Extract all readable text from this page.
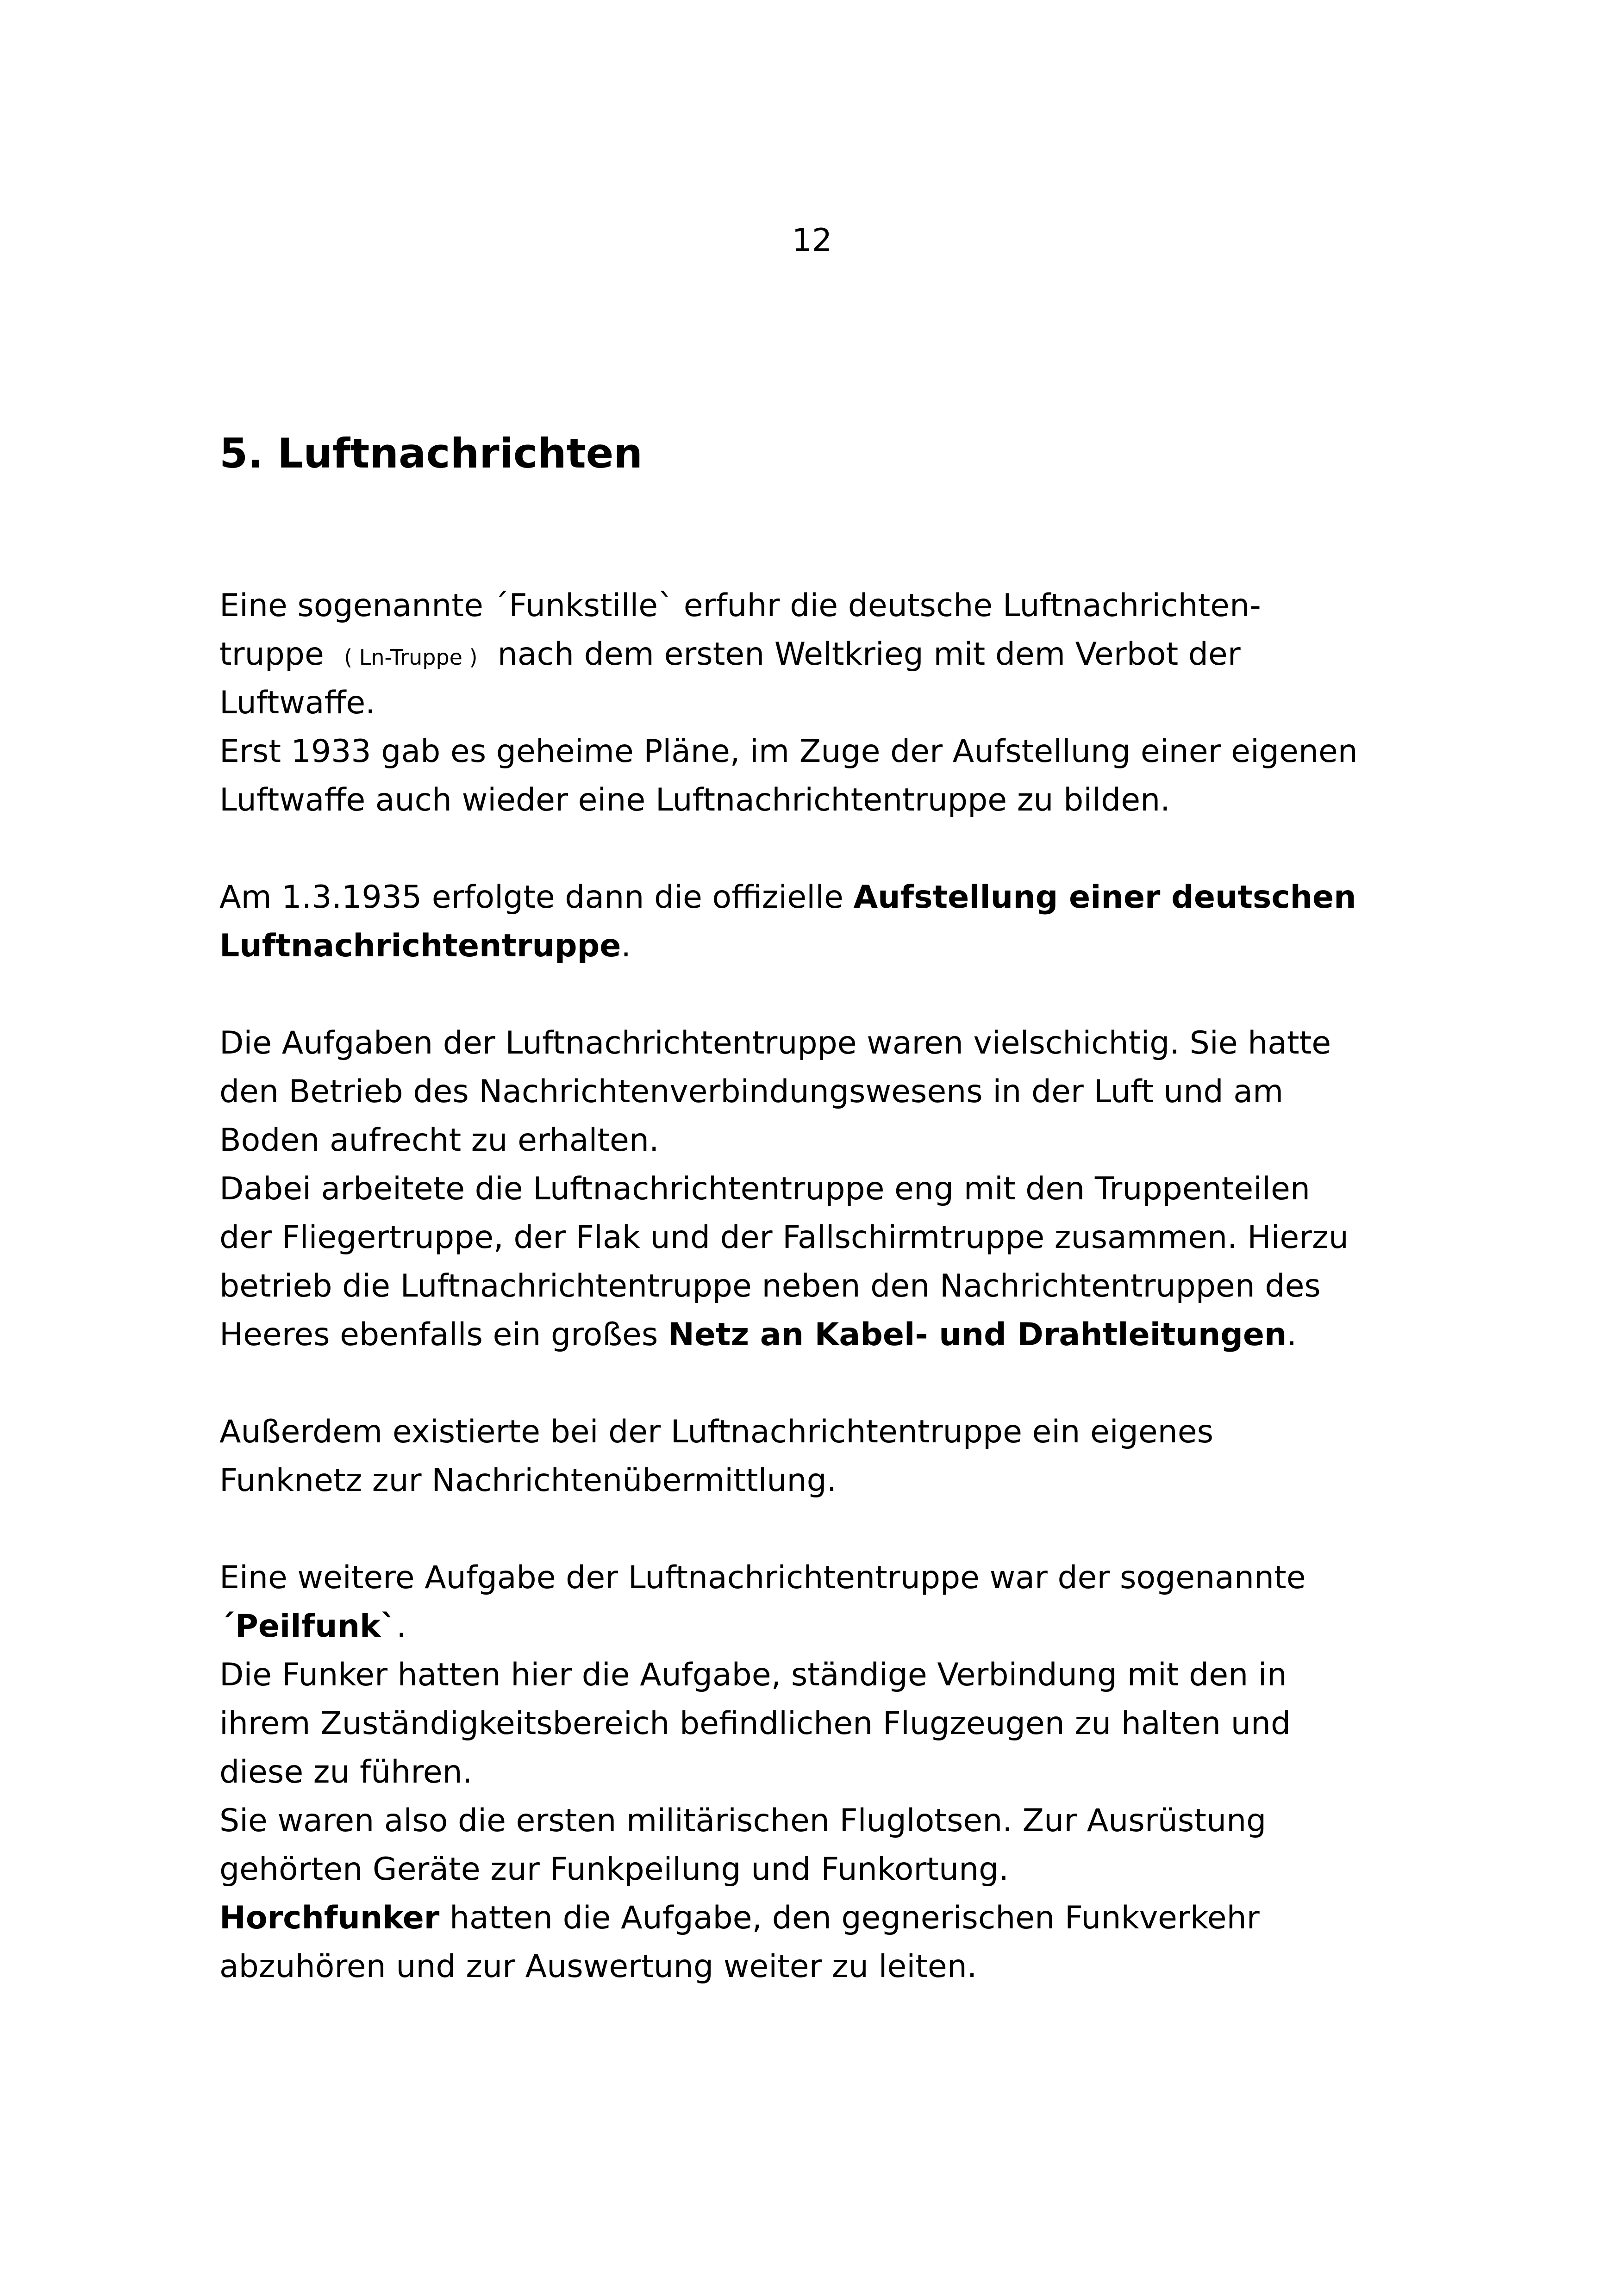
12
5. Luftnachrichten
Eine sogenannte ´Funkstille` erfuhr die deutsche Luftnachrichten-
truppe ( Ln-Truppe ) nach dem ersten Weltkrieg mit dem Verbot der
Luftwaffe.
Erst 1933 gab es geheime Pläne, im Zuge der Aufstellung einer eigenen
Luftwaffe auch wieder eine Luftnachrichtentruppe zu bilden.
Am 1.3.1935 erfolgte dann die offizielle Aufstellung einer deutschen
Luftnachrichtentruppe.
Die Aufgaben der Luftnachrichtentruppe waren vielschichtig. Sie hatte
den Betrieb des Nachrichtenverbindungswesens in der Luft und am
Boden aufrecht zu erhalten.
Dabei arbeitete die Luftnachrichtentruppe eng mit den Truppenteilen
der Fliegertruppe, der Flak und der Fallschirmtruppe zusammen. Hierzu
betrieb die Luftnachrichtentruppe neben den Nachrichtentruppen des
Heeres ebenfalls ein großes Netz an Kabel- und Drahtleitungen.
Außerdem existierte bei der Luftnachrichtentruppe ein eigenes
Funknetz zur Nachrichtenübermittlung.
Eine weitere Aufgabe der Luftnachrichtentruppe war der sogenannte
´Peilfunk`.
Die Funker hatten hier die Aufgabe, ständige Verbindung mit den in
ihrem Zuständigkeitsbereich befindlichen Flugzeugen zu halten und
diese zu führen.
Sie waren also die ersten militärischen Fluglotsen. Zur Ausrüstung
gehörten Geräte zur Funkpeilung und Funkortung.
Horchfunker hatten die Aufgabe, den gegnerischen Funkverkehr
abzuhören und zur Auswertung weiter zu leiten.
